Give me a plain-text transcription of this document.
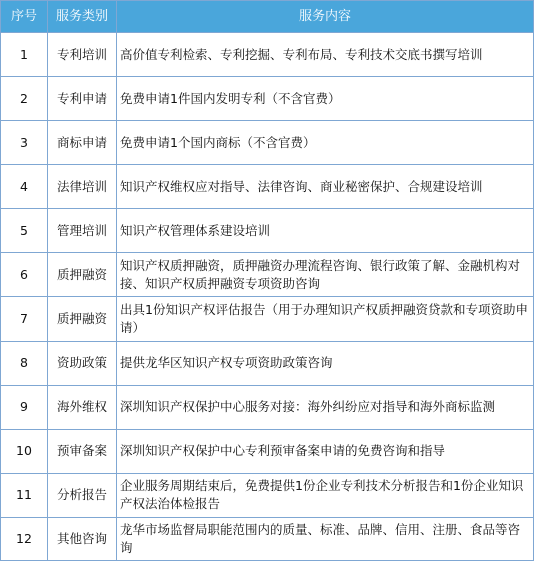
序号	服务类别	服务内容
1	专利培训	高价值专利检索、专利挖掘、专利布局、专利技术交底书撰写培训
2	专利申请	免费申请1件国内发明专利（不含官费）
3	商标申请	免费申请1个国内商标（不含官费）
4	法律培训	知识产权维权应对指导、法律咨询、商业秘密保护、合规建设培训
5	管理培训	知识产权管理体系建设培训
6	质押融资	知识产权质押融资，质押融资办理流程咨询、银行政策了解、金融机构对接、知识产权质押融资专项资助咨询
7	质押融资	出具1份知识产权评估报告（用于办理知识产权质押融资贷款和专项资助申请）
8	资助政策	提供龙华区知识产权专项资助政策咨询
9	海外维权	深圳知识产权保护中心服务对接：海外纠纷应对指导和海外商标监测
10	预审备案	深圳知识产权保护中心专利预审备案申请的免费咨询和指导
11	分析报告	企业服务周期结束后，免费提供1份企业专利技术分析报告和1份企业知识产权法治体检报告
12	其他咨询	龙华市场监督局职能范围内的质量、标准、品牌、信用、注册、食品等咨询
